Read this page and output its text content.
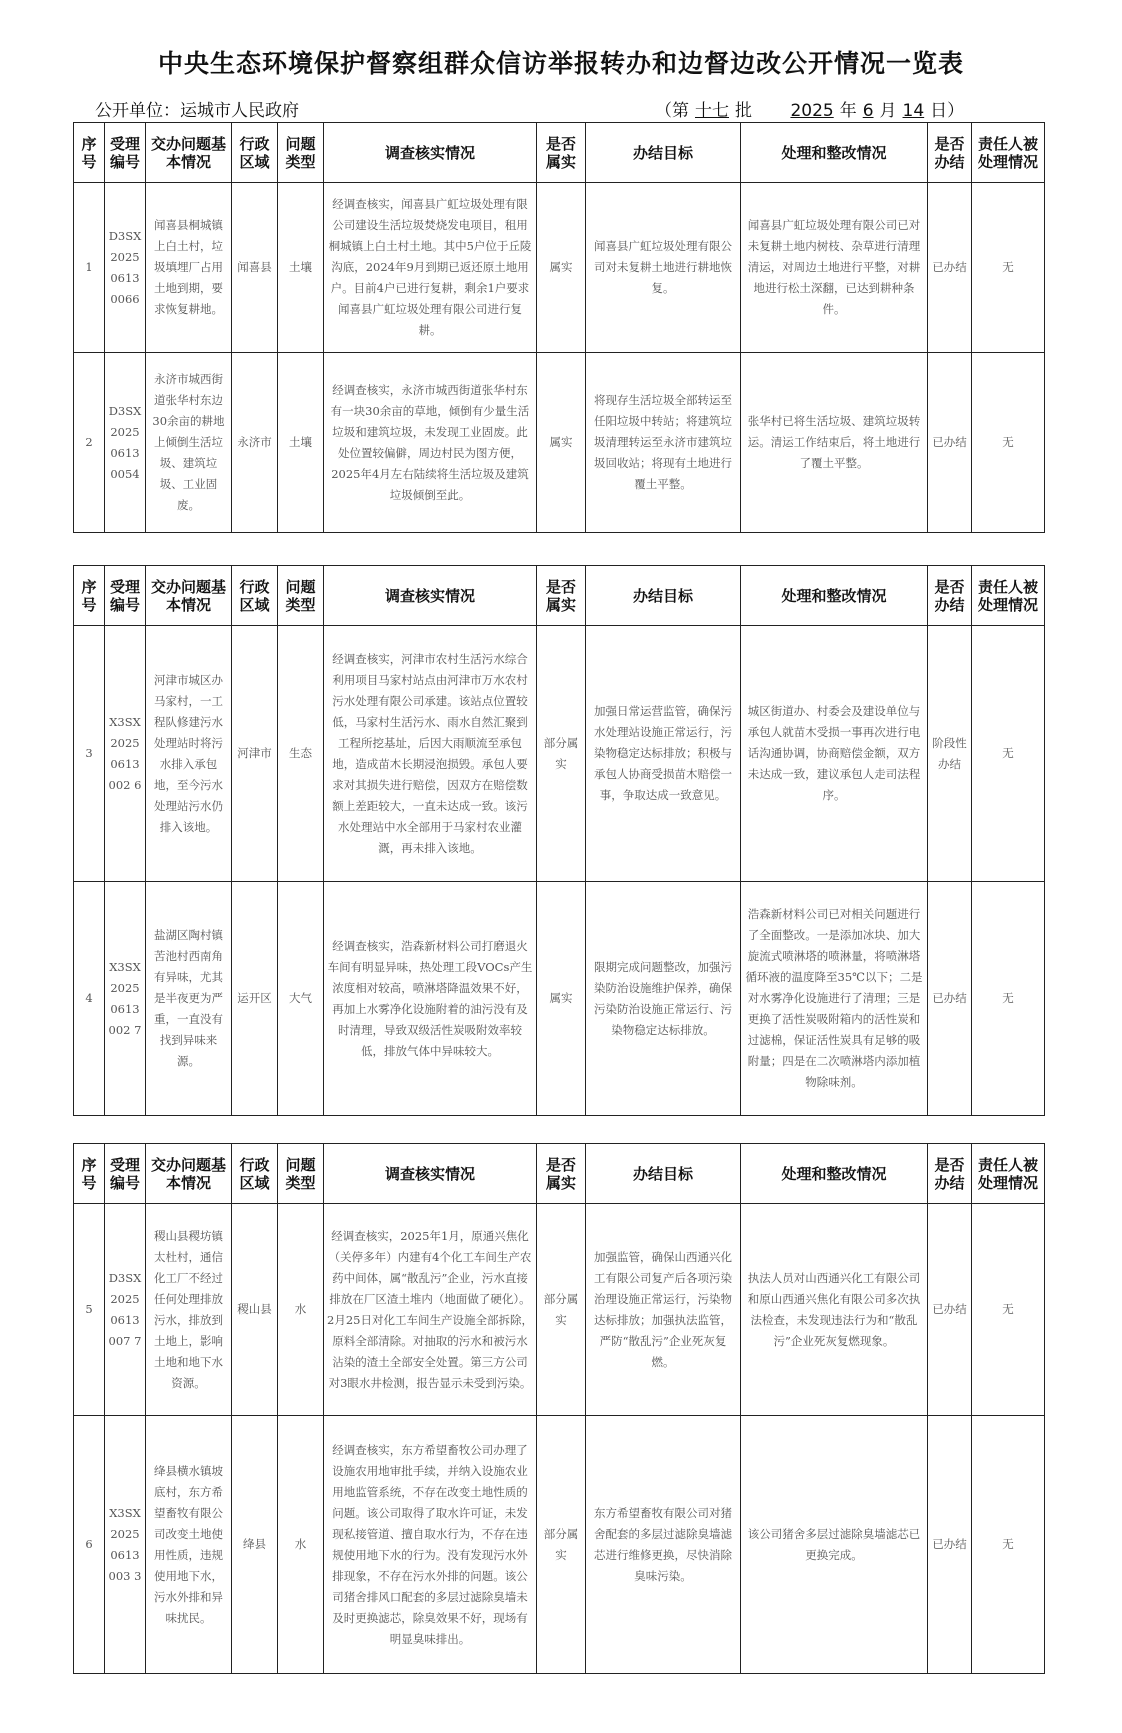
中央生态环境保护督察组群众信访举报转办和边督边改公开情况一览表
公开单位：运城市人民政府	（第 十七 批 2025 年 6 月 14 日）
序号	受理编号	交办问题基本情况	行政区域	问题类型	调查核实情况	是否属实	办结目标	处理和整改情况	是否办结	责任人被处理情况
1	D3SX202506130066	闻喜县桐城镇上白土村，垃圾填埋厂占用土地到期，要求恢复耕地。	闻喜县	土壤	经调查核实，闻喜县广虹垃圾处理有限公司建设生活垃圾焚烧发电项目，租用桐城镇上白土村土地。其中5户位于丘陵沟底，2024年9月到期已返还原土地用户。目前4户已进行复耕，剩余1户要求闻喜县广虹垃圾处理有限公司进行复耕。	属实	闻喜县广虹垃圾处理有限公司对未复耕土地进行耕地恢复。	闻喜县广虹垃圾处理有限公司已对未复耕土地内树枝、杂草进行清理清运，对周边土地进行平整，对耕地进行松土深翻，已达到耕种条件。	已办结	无
2	D3SX202506130054	永济市城西街道张华村东边30余亩的耕地上倾倒生活垃圾、建筑垃圾、工业固废。	永济市	土壤	经调查核实，永济市城西街道张华村东有一块30余亩的草地，倾倒有少量生活垃圾和建筑垃圾，未发现工业固废。此处位置较偏僻，周边村民为图方便，2025年4月左右陆续将生活垃圾及建筑垃圾倾倒至此。	属实	将现存生活垃圾全部转运至任阳垃圾中转站；将建筑垃圾清理转运至永济市建筑垃圾回收站；将现有土地进行覆土平整。	张华村已将生活垃圾、建筑垃圾转运。清运工作结束后，将土地进行了覆土平整。	已办结	无
序号	受理编号	交办问题基本情况	行政区域	问题类型	调查核实情况	是否属实	办结目标	处理和整改情况	是否办结	责任人被处理情况
3	X3SX20250613002 6	河津市城区办马家村，一工程队修建污水处理站时将污水排入承包地，至今污水处理站污水仍排入该地。	河津市	生态	经调查核实，河津市农村生活污水综合利用项目马家村站点由河津市万水农村污水处理有限公司承建。该站点位置较低，马家村生活污水、雨水自然汇聚到工程所挖基址，后因大雨顺流至承包地，造成苗木长期浸泡损毁。承包人要求对其损失进行赔偿，因双方在赔偿数额上差距较大，一直未达成一致。该污水处理站中水全部用于马家村农业灌溉，再未排入该地。	部分属实	加强日常运营监管，确保污水处理站设施正常运行，污染物稳定达标排放；积极与承包人协商受损苗木赔偿一事，争取达成一致意见。	城区街道办、村委会及建设单位与承包人就苗木受损一事再次进行电话沟通协调，协商赔偿金额，双方未达成一致，建议承包人走司法程序。	阶段性办结	无
4	X3SX20250613002 7	盐湖区陶村镇苦池村西南角有异味，尤其是半夜更为严重，一直没有找到异味来源。	运开区	大气	经调查核实，浩森新材料公司打磨退火车间有明显异味，热处理工段VOCs产生浓度相对较高，喷淋塔降温效果不好，再加上水雾净化设施附着的油污没有及时清理，导致双级活性炭吸附效率较低，排放气体中异味较大。	属实	限期完成问题整改，加强污染防治设施维护保养，确保污染防治设施正常运行、污染物稳定达标排放。	浩森新材料公司已对相关问题进行了全面整改。一是添加冰块、加大旋流式喷淋塔的喷淋量，将喷淋塔循环液的温度降至35℃以下；二是对水雾净化设施进行了清理；三是更换了活性炭吸附箱内的活性炭和过滤棉，保证活性炭具有足够的吸附量；四是在二次喷淋塔内添加植物除味剂。	已办结	无
序号	受理编号	交办问题基本情况	行政区域	问题类型	调查核实情况	是否属实	办结目标	处理和整改情况	是否办结	责任人被处理情况
5	D3SX20250613007 7	稷山县稷坊镇太杜村，通信化工厂不经过任何处理排放污水，排放到土地上，影响土地和地下水资源。	稷山县	水	经调查核实，2025年1月，原通兴焦化（关停多年）内建有4个化工车间生产农药中间体，属“散乱污”企业，污水直接排放在厂区渣土堆内（地面做了硬化）。2月25日对化工车间生产设施全部拆除，原料全部清除。对抽取的污水和被污水沾染的渣土全部安全处置。第三方公司对3眼水井检测，报告显示未受到污染。	部分属实	加强监管，确保山西通兴化工有限公司复产后各项污染治理设施正常运行，污染物达标排放；加强执法监管，严防“散乱污”企业死灰复燃。	执法人员对山西通兴化工有限公司和原山西通兴焦化有限公司多次执法检查，未发现违法行为和“散乱污”企业死灰复燃现象。	已办结	无
6	X3SX20250613003 3	绛县横水镇坡底村，东方希望畜牧有限公司改变土地使用性质，违规使用地下水，污水外排和异味扰民。	绛县	水	经调查核实，东方希望畜牧公司办理了设施农用地审批手续，并纳入设施农业用地监管系统，不存在改变土地性质的问题。该公司取得了取水许可证，未发现私接管道、擅自取水行为，不存在违规使用地下水的行为。没有发现污水外排现象，不存在污水外排的问题。该公司猪舍排风口配套的多层过滤除臭墙未及时更换滤芯，除臭效果不好，现场有明显臭味排出。	部分属实	东方希望畜牧有限公司对猪舍配套的多层过滤除臭墙滤芯进行维修更换，尽快消除臭味污染。	该公司猪舍多层过滤除臭墙滤芯已更换完成。	已办结	无
